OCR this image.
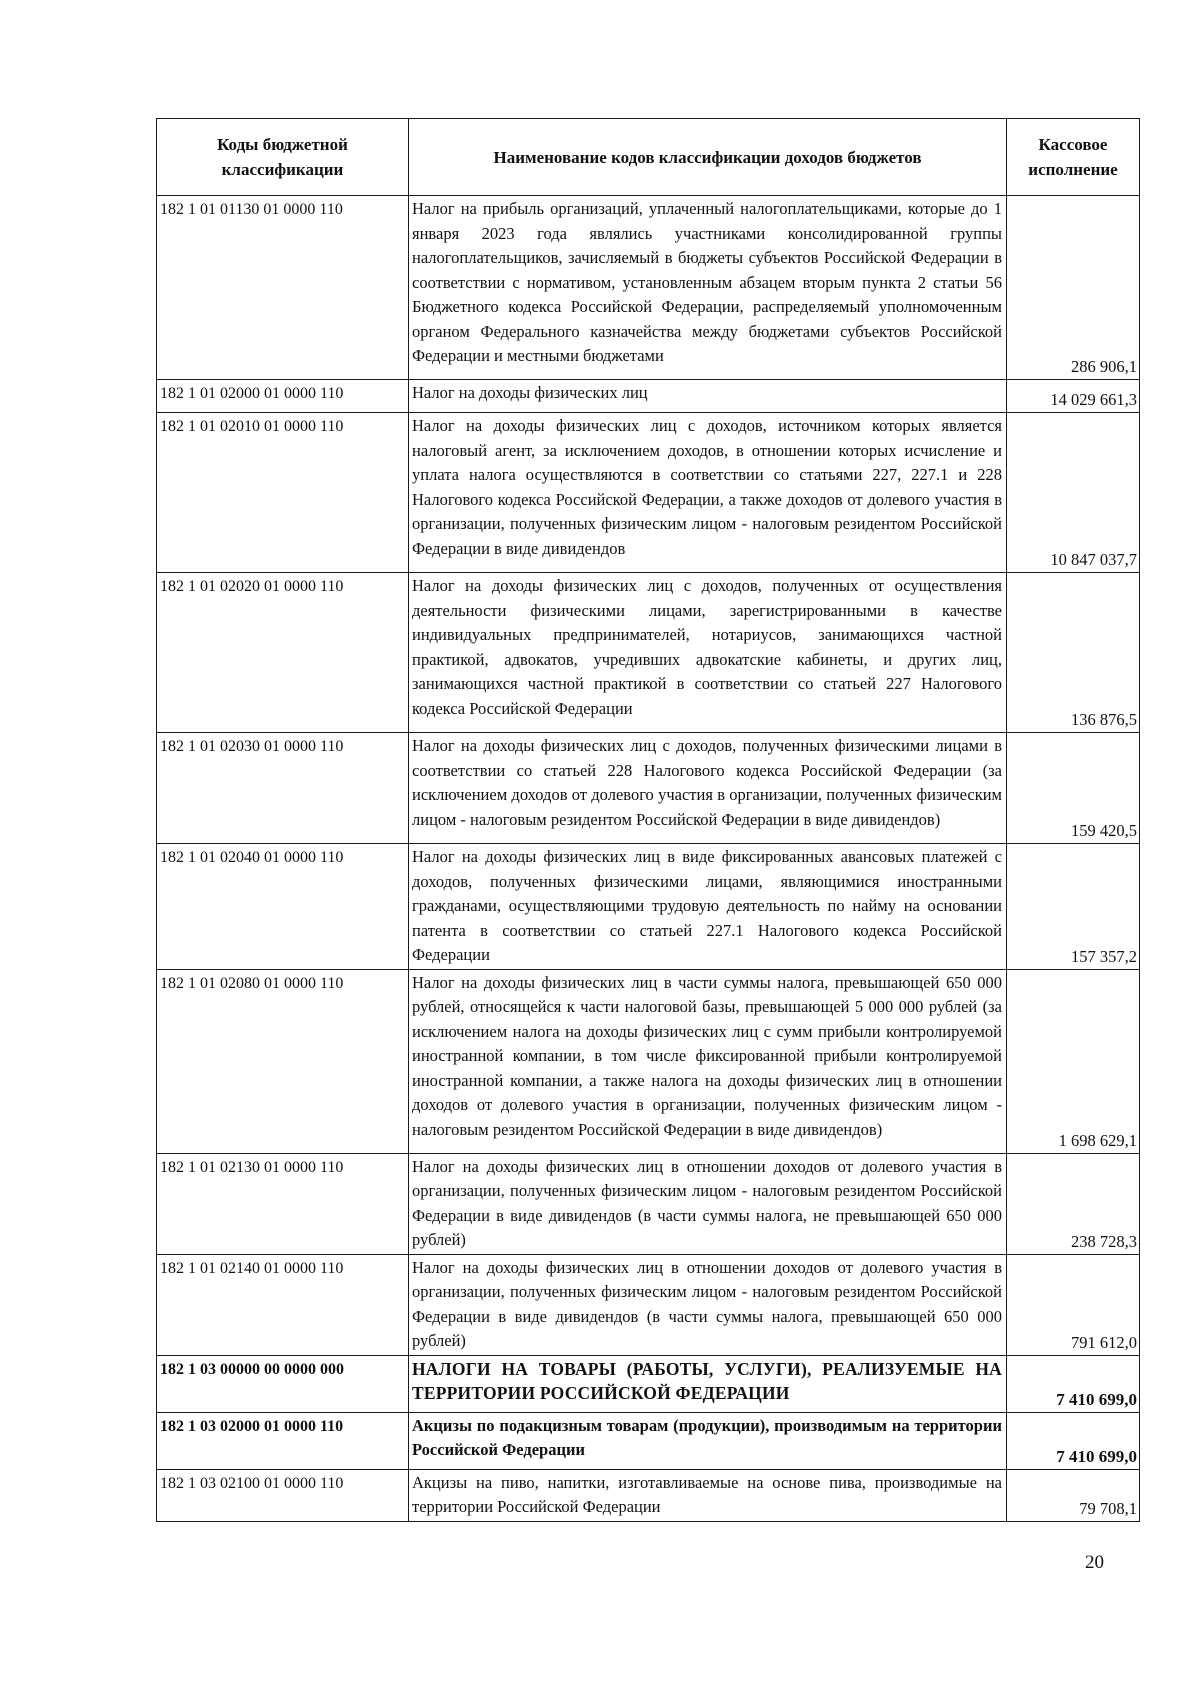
Коды бюджетной классификации	Наименование кодов классификации доходов бюджетов	Кассовое исполнение
182 1 01 01130 01 0000 110	Налог на прибыль организаций, уплаченный налогоплательщиками, которые до 1 января 2023 года являлись участниками консолидированной группы налогоплательщиков, зачисляемый в бюджеты субъектов Российской Федерации в соответствии с нормативом, установленным абзацем вторым пункта 2 статьи 56 Бюджетного кодекса Российской Федерации, распределяемый уполномоченным органом Федерального казначейства между бюджетами субъектов Российской Федерации и местными бюджетами	286 906,1
182 1 01 02000 01 0000 110	Налог на доходы физических лиц	14 029 661,3
182 1 01 02010 01 0000 110	Налог на доходы физических лиц с доходов, источником которых является налоговый агент, за исключением доходов, в отношении которых исчисление и уплата налога осуществляются в соответствии со статьями 227, 227.1 и 228 Налогового кодекса Российской Федерации, а также доходов от долевого участия в организации, полученных физическим лицом - налоговым резидентом Российской Федерации в виде дивидендов	10 847 037,7
182 1 01 02020 01 0000 110	Налог на доходы физических лиц с доходов, полученных от осуществления деятельности физическими лицами, зарегистрированными в качестве индивидуальных предпринимателей, нотариусов, занимающихся частной практикой, адвокатов, учредивших адвокатские кабинеты, и других лиц, занимающихся частной практикой в соответствии со статьей 227 Налогового кодекса Российской Федерации	136 876,5
182 1 01 02030 01 0000 110	Налог на доходы физических лиц с доходов, полученных физическими лицами в соответствии со статьей 228 Налогового кодекса Российской Федерации (за исключением доходов от долевого участия в организации, полученных физическим лицом - налоговым резидентом Российской Федерации в виде дивидендов)	159 420,5
182 1 01 02040 01 0000 110	Налог на доходы физических лиц в виде фиксированных авансовых платежей с доходов, полученных физическими лицами, являющимися иностранными гражданами, осуществляющими трудовую деятельность по найму на основании патента в соответствии со статьей 227.1 Налогового кодекса Российской Федерации	157 357,2
182 1 01 02080 01 0000 110	Налог на доходы физических лиц в части суммы налога, превышающей 650 000 рублей, относящейся к части налоговой базы, превышающей 5 000 000 рублей (за исключением налога на доходы физических лиц с сумм прибыли контролируемой иностранной компании, в том числе фиксированной прибыли контролируемой иностранной компании, а также налога на доходы физических лиц в отношении доходов от долевого участия в организации, полученных физическим лицом - налоговым резидентом Российской Федерации в виде дивидендов)	1 698 629,1
182 1 01 02130 01 0000 110	Налог на доходы физических лиц в отношении доходов от долевого участия в организации, полученных физическим лицом - налоговым резидентом Российской Федерации в виде дивидендов (в части суммы налога, не превышающей 650 000 рублей)	238 728,3
182 1 01 02140 01 0000 110	Налог на доходы физических лиц в отношении доходов от долевого участия в организации, полученных физическим лицом - налоговым резидентом Российской Федерации в виде дивидендов (в части суммы налога, превышающей 650 000 рублей)	791 612,0
182 1 03 00000 00 0000 000	НАЛОГИ НА ТОВАРЫ (РАБОТЫ, УСЛУГИ), РЕАЛИЗУЕМЫЕ НА ТЕРРИТОРИИ РОССИЙСКОЙ ФЕДЕРАЦИИ	7 410 699,0
182 1 03 02000 01 0000 110	Акцизы по подакцизным товарам (продукции), производимым на территории Российской Федерации	7 410 699,0
182 1 03 02100 01 0000 110	Акцизы на пиво, напитки, изготавливаемые на основе пива, производимые на территории Российской Федерации	79 708,1
20
